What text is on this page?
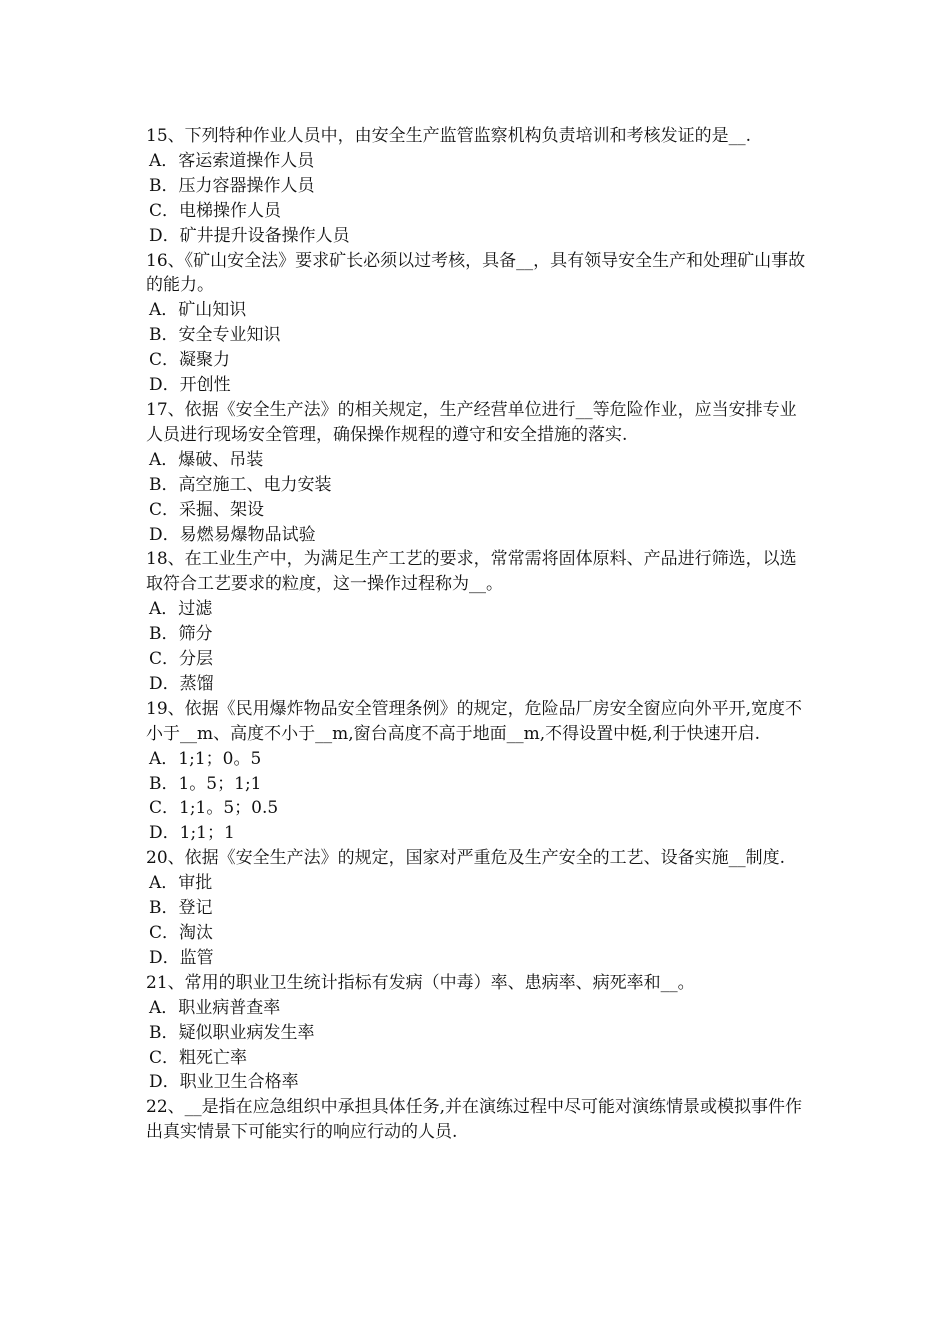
15、下列特种作业人员中，由安全生产监管监察机构负责培训和考核发证的是__.

A．客运索道操作人员

B．压力容器操作人员

C．电梯操作人员

D．矿井提升设备操作人员

16、《矿山安全法》要求矿长必须以过考核，具备__，具有领导安全生产和处理矿山事故的能力。

A．矿山知识

B．安全专业知识

C．凝聚力

D．开创性

17、依据《安全生产法》的相关规定，生产经营单位进行__等危险作业，应当安排专业人员进行现场安全管理，确保操作规程的遵守和安全措施的落实.

A．爆破、吊装

B．高空施工、电力安装

C．采掘、架设

D．易燃易爆物品试验

18、在工业生产中，为满足生产工艺的要求，常常需将固体原料、产品进行筛选，以选取符合工艺要求的粒度，这一操作过程称为__。

A．过滤

B．筛分

C．分层

D．蒸馏

19、依据《民用爆炸物品安全管理条例》的规定，危险品厂房安全窗应向外平开,宽度不小于__m、高度不小于__m,窗台高度不高于地面__m,不得设置中梃,利于快速开启.

A．1;1；0。5

B．1。5；1;1

C．1;1。5；0.5

D．1;1；1

20、依据《安全生产法》的规定，国家对严重危及生产安全的工艺、设备实施__制度.

A．审批

B．登记

C．淘汰

D．监管

21、常用的职业卫生统计指标有发病（中毒）率、患病率、病死率和__。

A．职业病普查率

B．疑似职业病发生率

C．粗死亡率

D．职业卫生合格率

22、__是指在应急组织中承担具体任务,并在演练过程中尽可能对演练情景或模拟事件作出真实情景下可能实行的响应行动的人员.
